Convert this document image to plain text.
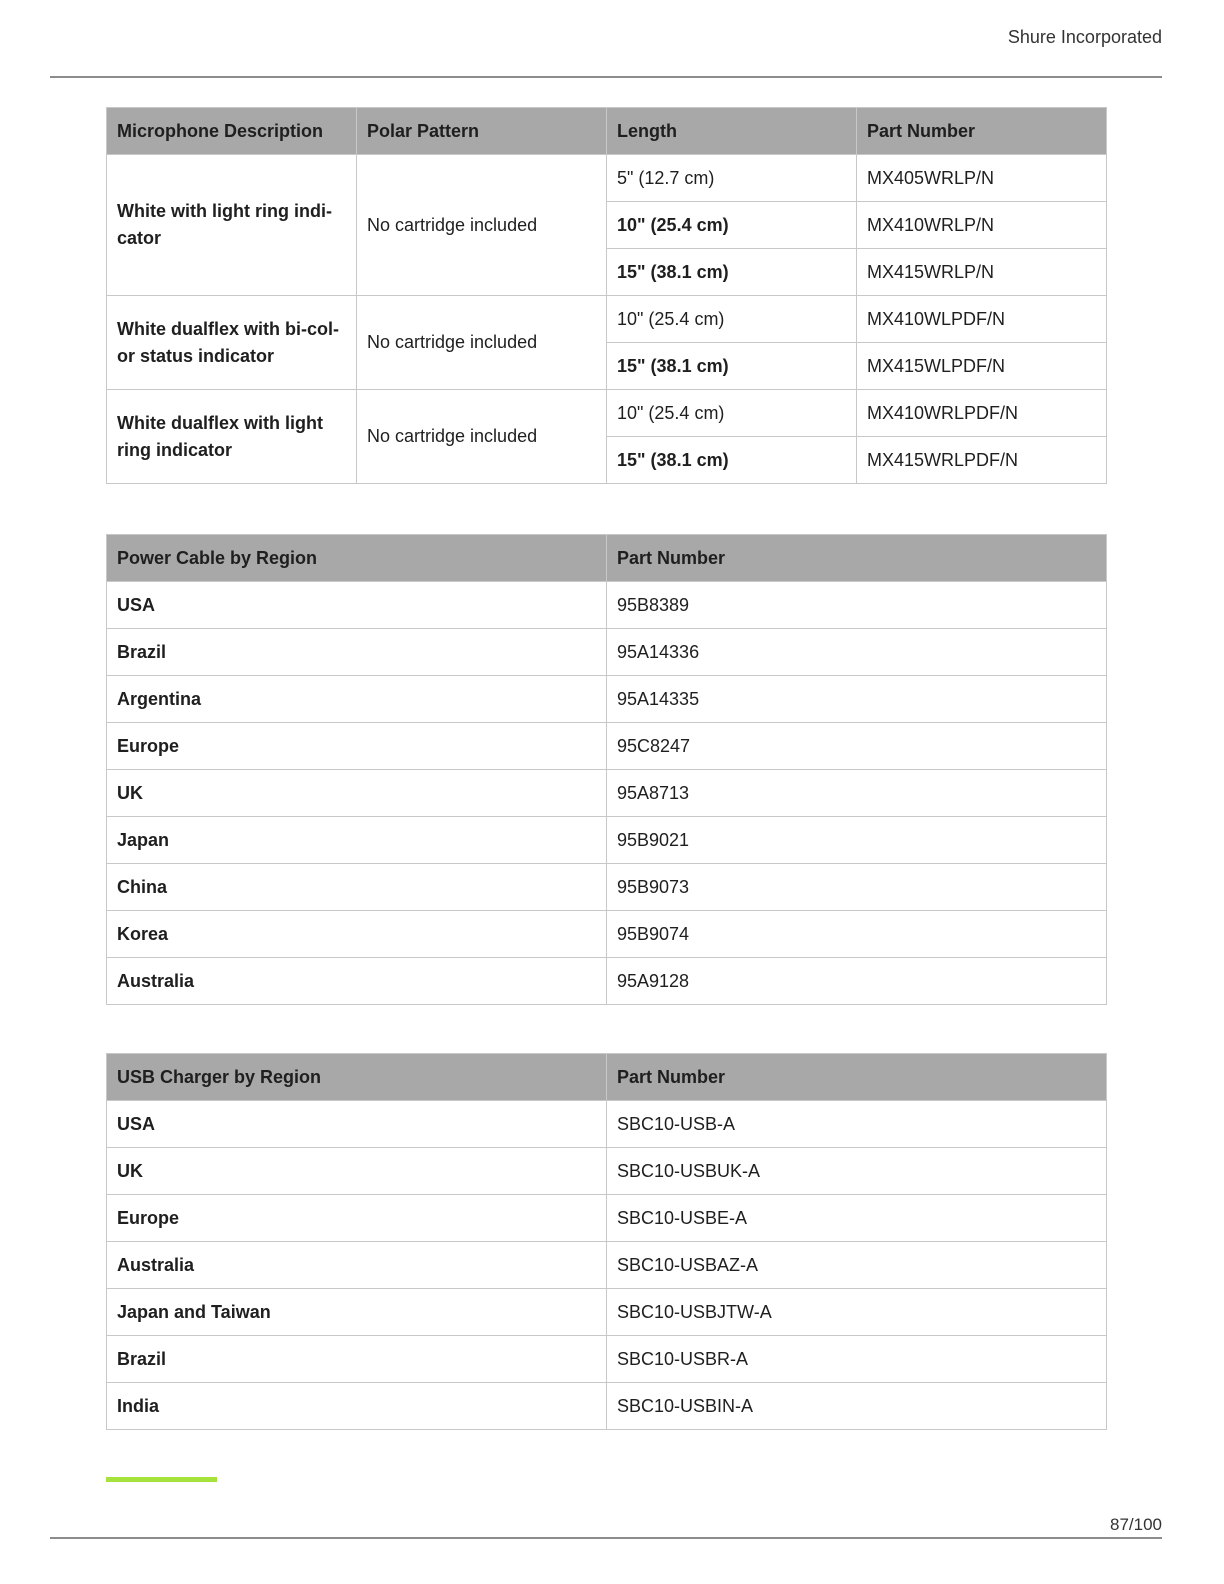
Shure Incorporated
Microphone Description	Polar Pattern	Length	Part Number
White with light ring indi-cator	No cartridge included	5" (12.7 cm)	MX405WRLP/N
		10" (25.4 cm)	MX410WRLP/N
		15" (38.1 cm)	MX415WRLP/N
White dualflex with bi-col-or status indicator	No cartridge included	10" (25.4 cm)	MX410WLPDF/N
		15" (38.1 cm)	MX415WLPDF/N
White dualflex with light ring indicator	No cartridge included	10" (25.4 cm)	MX410WRLPDF/N
		15" (38.1 cm)	MX415WRLPDF/N
Power Cable by Region	Part Number
USA	95B8389
Brazil	95A14336
Argentina	95A14335
Europe	95C8247
UK	95A8713
Japan	95B9021
China	95B9073
Korea	95B9074
Australia	95A9128
USB Charger by Region	Part Number
USA	SBC10-USB-A
UK	SBC10-USBUK-A
Europe	SBC10-USBE-A
Australia	SBC10-USBAZ-A
Japan and Taiwan	SBC10-USBJTW-A
Brazil	SBC10-USBR-A
India	SBC10-USBIN-A
87/100
